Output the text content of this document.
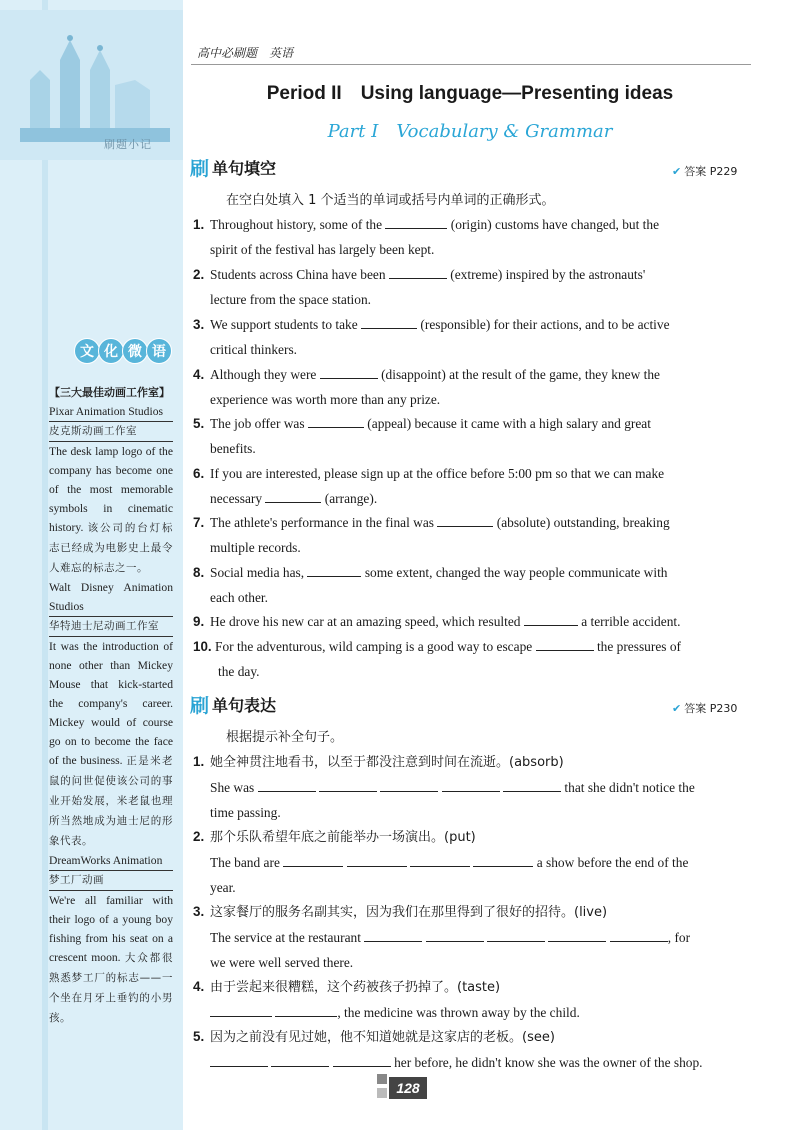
刷题小记
文 化 微 语

【三大最佳动画工作室】

Pixar Animation Studios
皮克斯动画工作室

The desk lamp logo of the company has become one of the most memorable symbols in cinematic history. 该公司的台灯标志已经成为电影史上最令人难忘的标志之一。

Walt Disney Animation Studios
华特迪士尼动画工作室

It was the introduction of none other than Mickey Mouse that kick-started the company's career. Mickey would of course go on to become the face of the business. 正是米老鼠的问世促使该公司的事业开始发展，米老鼠也理所当然地成为迪士尼的形象代表。

DreamWorks Animation
梦工厂动画

We're all familiar with their logo of a young boy fishing from his seat on a crescent moon. 大众都很熟悉梦工厂的标志——一个坐在月牙上垂钓的小男孩。

高中必刷题　英语
Period II　Using language—Presenting ideas
Part I　Vocabulary & Grammar
刷 单句填空	✔ 答案 P229
在空白处填入 1 个适当的单词或括号内单词的正确形式。
1. Throughout history, some of the	(origin) customs have changed, but the
spirit of the festival has largely been kept.
2. Students across China have been	(extreme) inspired by the astronauts'
lecture from the space station.
3. We support students to take	(responsible) for their actions, and to be active
critical thinkers.
4. Although they were	(disappoint) at the result of the game, they knew the
experience was worth more than any prize.
5. The job offer was	(appeal) because it came with a high salary and great
benefits.
6. If you are interested, please sign up at the office before 5:00 pm so that we can make
necessary	(arrange).
7. The athlete's performance in the final was	(absolute) outstanding, breaking
multiple records.
8. Social media has,	some extent, changed the way people communicate with
each other.
9. He drove his new car at an amazing speed, which resulted	a terrible accident.
10. For the adventurous, wild camping is a good way to escape	the pressures of
the day.
刷 单句表达	✔ 答案 P230
根据提示补全句子。
1. 她全神贯注地看书，以至于都没注意到时间在流逝。(absorb)
She was	that she didn't notice the
time passing.
2. 那个乐队希望年底之前能举办一场演出。(put)
The band are	a show before the end of the
year.
3. 这家餐厅的服务名副其实，因为我们在那里得到了很好的招待。(live)
The service at the restaurant	, for
we were well served there.
4. 由于尝起来很糟糕，这个药被孩子扔掉了。(taste)
, the medicine was thrown away by the child.
5. 因为之前没有见过她，他不知道她就是这家店的老板。(see)
her before, he didn't know she was the owner of the shop.
128
